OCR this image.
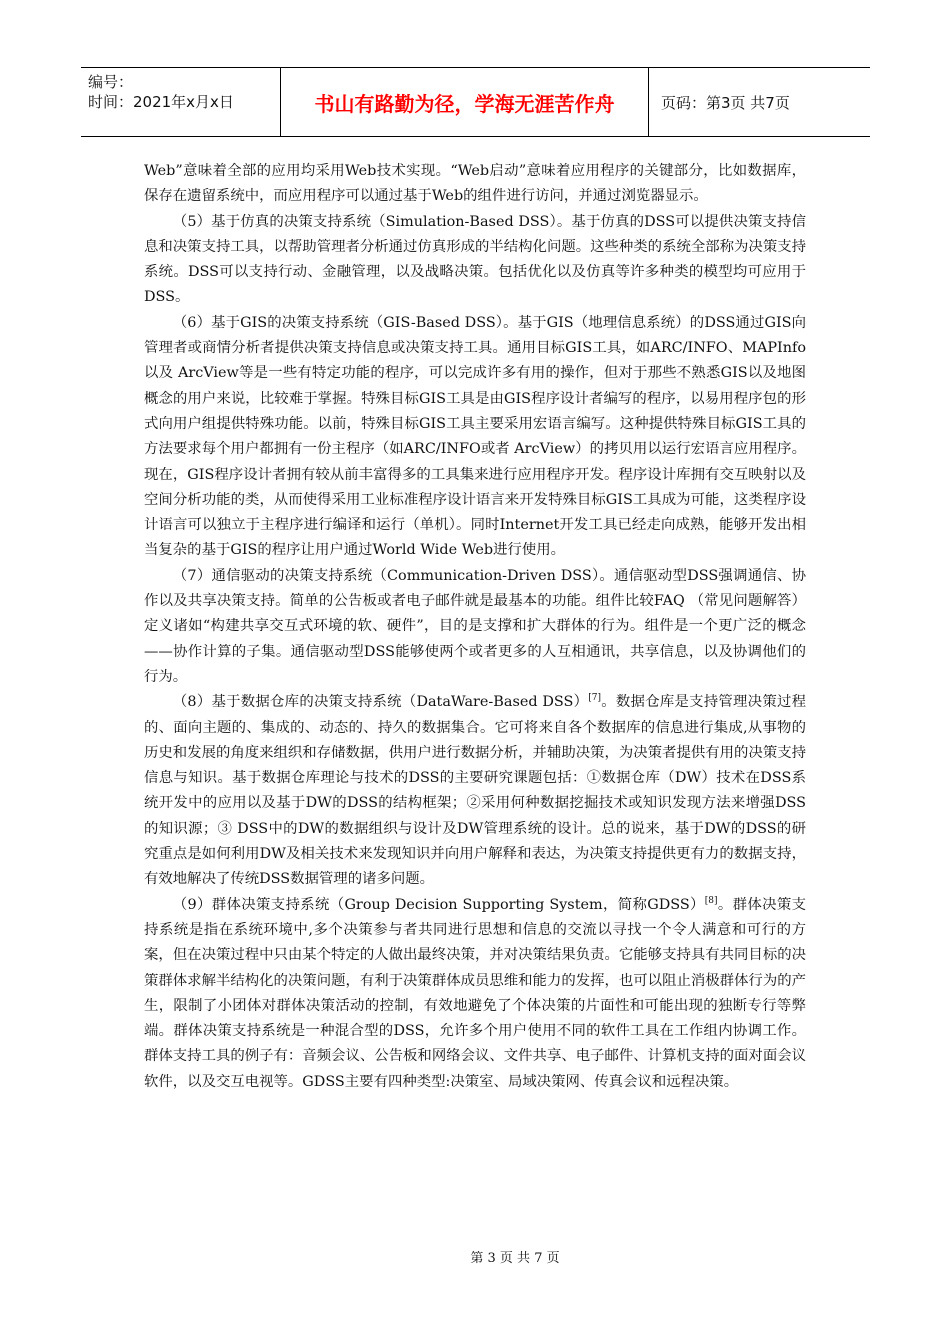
编号：
时间：2021年x月x日	书山有路勤为径，学海无涯苦作舟	页码：第3页 共7页

Web”意味着全部的应用均采用Web技术实现。“Web启动”意味着应用程序的关键部分，比如数据库，保存在遗留系统中，而应用程序可以通过基于Web的组件进行访问，并通过浏览器显示。

（5）基于仿真的决策支持系统（Simulation-Based DSS）。基于仿真的DSS可以提供决策支持信息和决策支持工具，以帮助管理者分析通过仿真形成的半结构化问题。这些种类的系统全部称为决策支持系统。DSS可以支持行动、金融管理，以及战略决策。包括优化以及仿真等许多种类的模型均可应用于DSS。

（6）基于GIS的决策支持系统（GIS-Based DSS）。基于GIS（地理信息系统）的DSS通过GIS向管理者或商情分析者提供决策支持信息或决策支持工具。通用目标GIS工具，如ARC/INFO、MAPInfo 以及 ArcView等是一些有特定功能的程序，可以完成许多有用的操作，但对于那些不熟悉GIS以及地图概念的用户来说，比较难于掌握。特殊目标GIS工具是由GIS程序设计者编写的程序，以易用程序包的形式向用户组提供特殊功能。以前，特殊目标GIS工具主要采用宏语言编写。这种提供特殊目标GIS工具的方法要求每个用户都拥有一份主程序（如ARC/INFO或者 ArcView）的拷贝用以运行宏语言应用程序。现在，GIS程序设计者拥有较从前丰富得多的工具集来进行应用程序开发。程序设计库拥有交互映射以及空间分析功能的类，从而使得采用工业标准程序设计语言来开发特殊目标GIS工具成为可能，这类程序设计语言可以独立于主程序进行编译和运行（单机）。同时Internet开发工具已经走向成熟，能够开发出相当复杂的基于GIS的程序让用户通过World Wide Web进行使用。

（7）通信驱动的决策支持系统（Communication-Driven DSS）。通信驱动型DSS强调通信、协作以及共享决策支持。简单的公告板或者电子邮件就是最基本的功能。组件比较FAQ （常见问题解答）定义诸如“构建共享交互式环境的软、硬件”，目的是支撑和扩大群体的行为。组件是一个更广泛的概念——协作计算的子集。通信驱动型DSS能够使两个或者更多的人互相通讯，共享信息，以及协调他们的行为。

（8）基于数据仓库的决策支持系统（DataWare-Based DSS）[7]。数据仓库是支持管理决策过程的、面向主题的、集成的、动态的、持久的数据集合。它可将来自各个数据库的信息进行集成,从事物的历史和发展的角度来组织和存储数据，供用户进行数据分析，并辅助决策，为决策者提供有用的决策支持信息与知识。基于数据仓库理论与技术的DSS的主要研究课题包括：①数据仓库（DW）技术在DSS系统开发中的应用以及基于DW的DSS的结构框架；②采用何种数据挖掘技术或知识发现方法来增强DSS的知识源；③ DSS中的DW的数据组织与设计及DW管理系统的设计。总的说来，基于DW的DSS的研究重点是如何利用DW及相关技术来发现知识并向用户解释和表达，为决策支持提供更有力的数据支持，有效地解决了传统DSS数据管理的诸多问题。

（9）群体决策支持系统（Group Decision Supporting System，简称GDSS）[8]。群体决策支持系统是指在系统环境中,多个决策参与者共同进行思想和信息的交流以寻找一个令人满意和可行的方案，但在决策过程中只由某个特定的人做出最终决策，并对决策结果负责。它能够支持具有共同目标的决策群体求解半结构化的决策问题，有利于决策群体成员思维和能力的发挥，也可以阻止消极群体行为的产生，限制了小团体对群体决策活动的控制，有效地避免了个体决策的片面性和可能出现的独断专行等弊端。群体决策支持系统是一种混合型的DSS，允许多个用户使用不同的软件工具在工作组内协调工作。群体支持工具的例子有：音频会议、公告板和网络会议、文件共享、电子邮件、计算机支持的面对面会议软件，以及交互电视等。GDSS主要有四种类型:决策室、局域决策网、传真会议和远程决策。

第 3 页 共 7 页
